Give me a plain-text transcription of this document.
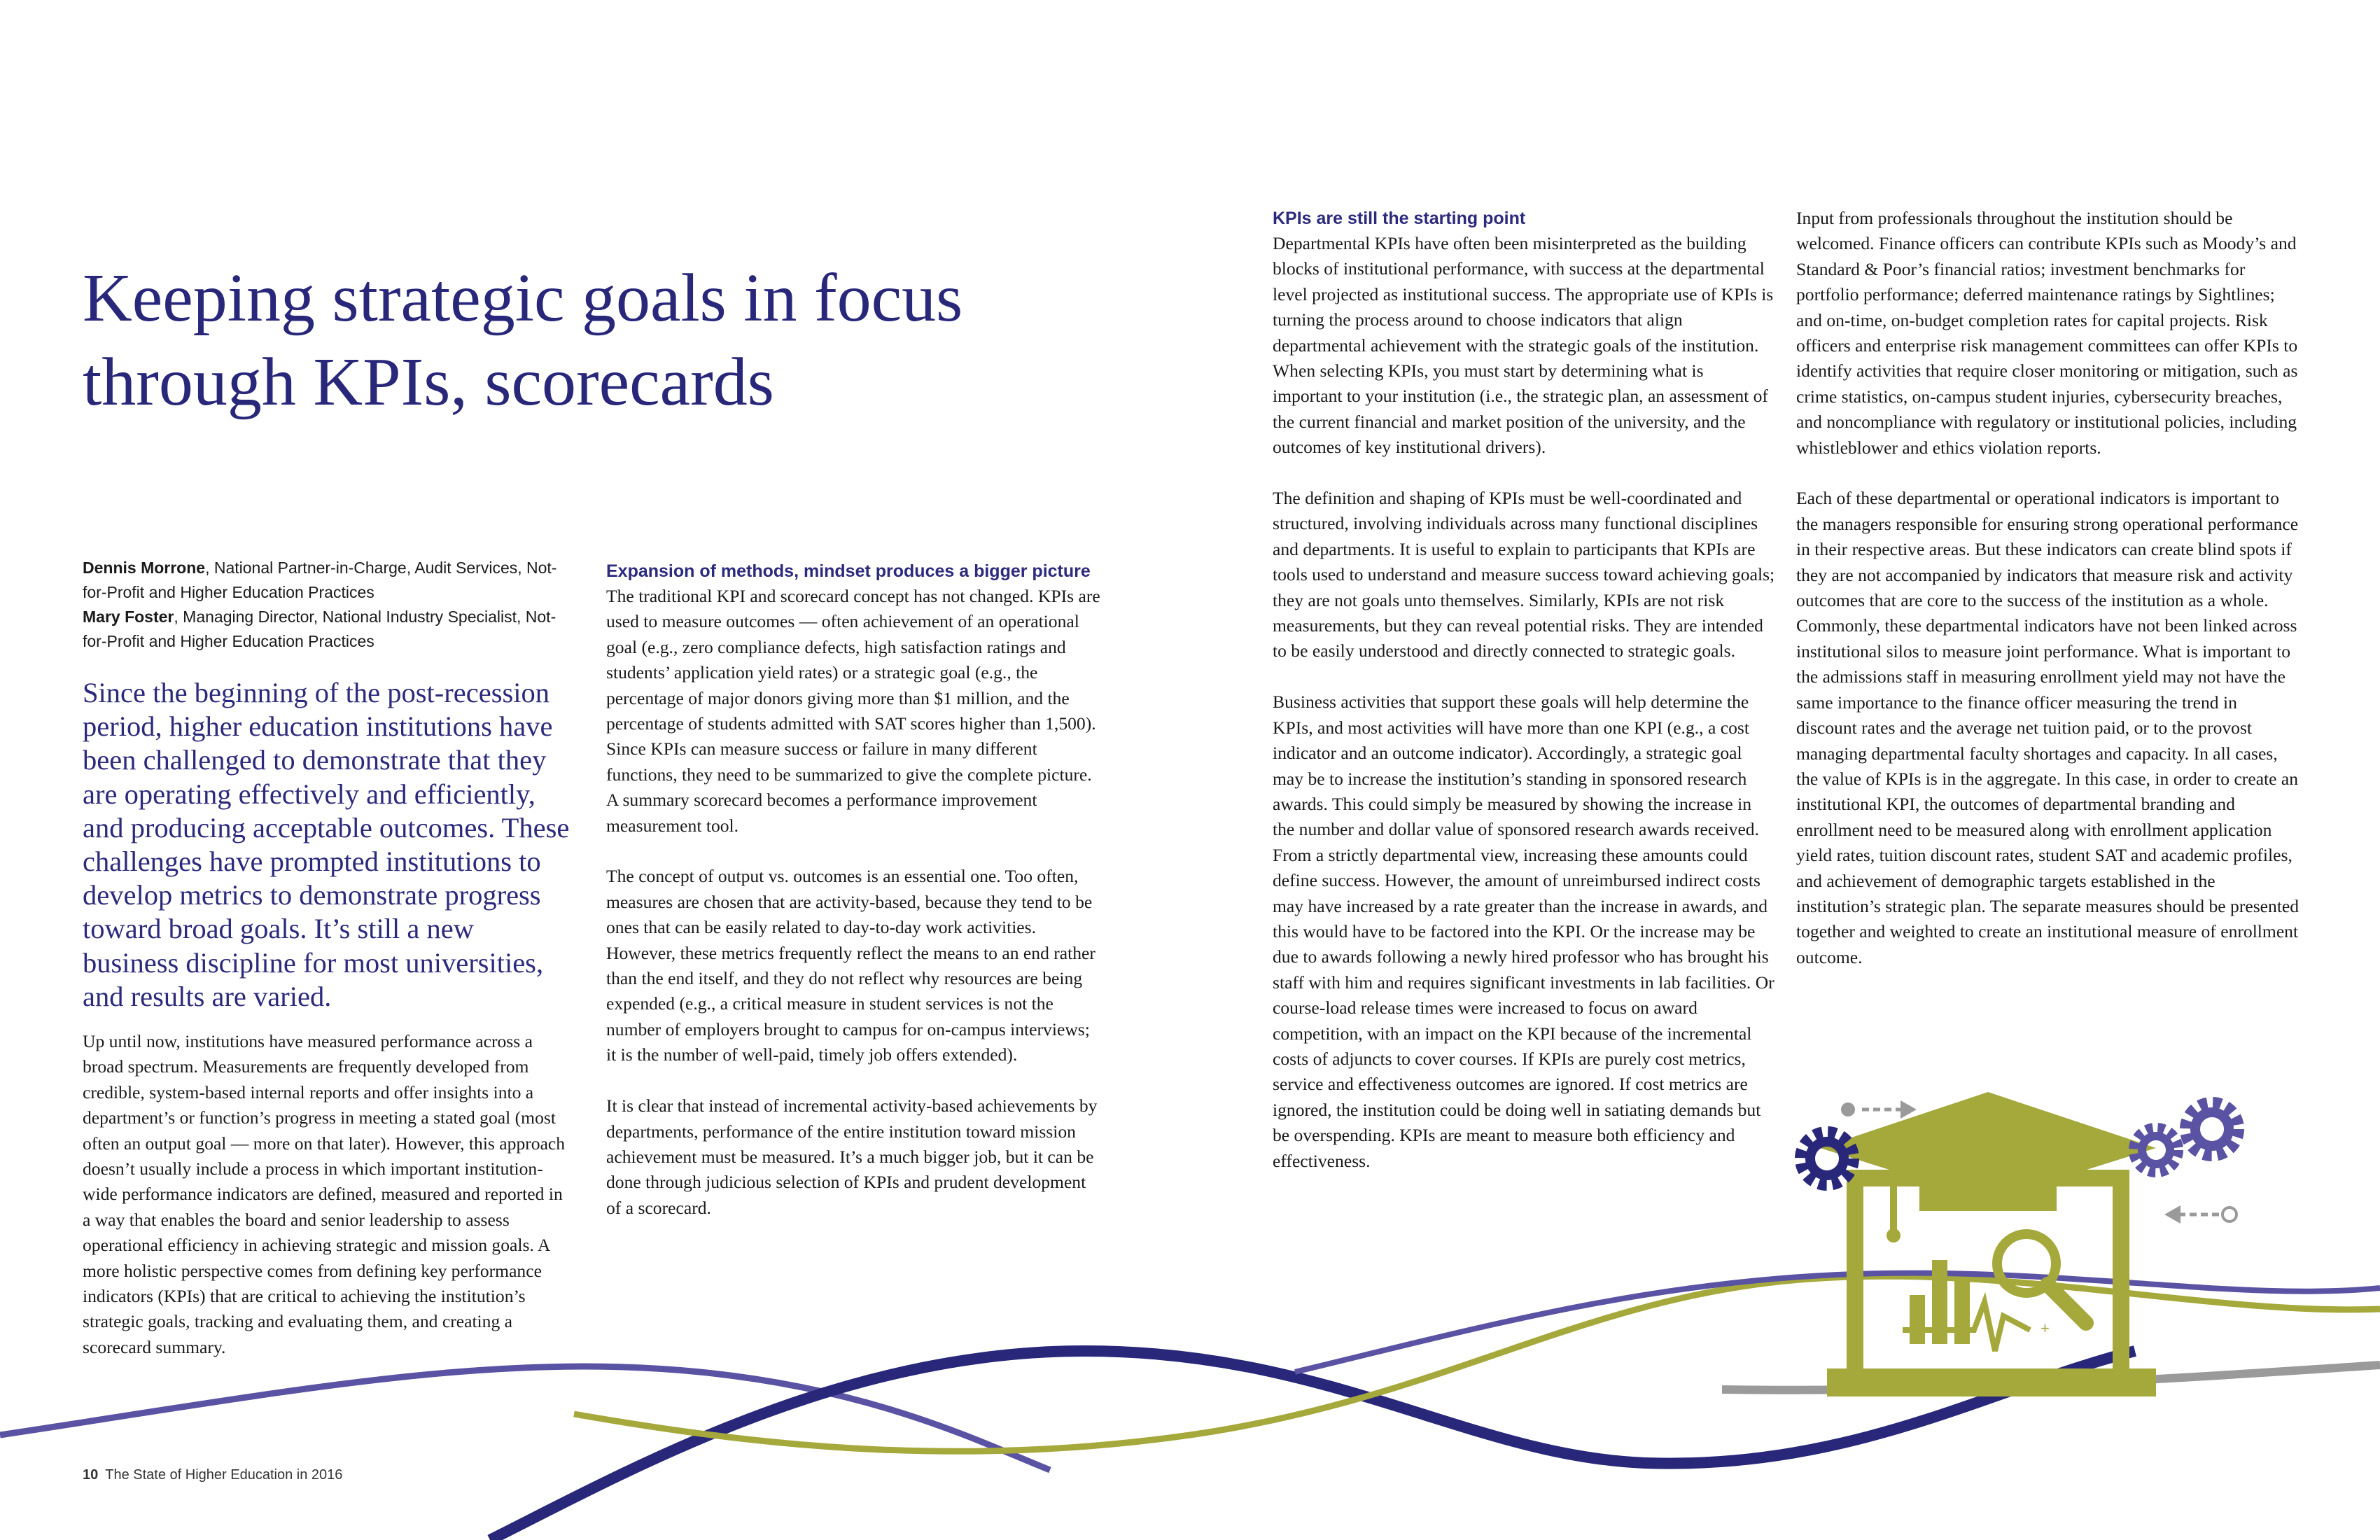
+
Keeping strategic goals in focus
through KPIs, scorecards
Dennis Morrone, National Partner-in-Charge, Audit Services, Not-for-Profit and Higher Education Practices
Mary Foster, Managing Director, National Industry Specialist, Not-for-Profit and Higher Education Practices
Since the beginning of the post-recession period, higher education institutions have been challenged to demonstrate that they are operating effectively and efficiently, and producing acceptable outcomes. These challenges have prompted institutions to develop metrics to demonstrate progress toward broad goals. It’s still a new business discipline for most universities, and results are varied.

Up until now, institutions have measured performance across a broad spectrum. Measurements are frequently developed from credible, system-based internal reports and offer insights into a department’s or function’s progress in meeting a stated goal (most often an output goal — more on that later). However, this approach doesn’t usually include a process in which important institution-wide performance indicators are defined, measured and reported in a way that enables the board and senior leadership to assess operational efficiency in achieving strategic and mission goals. A more holistic perspective comes from defining key performance indicators (KPIs) that are critical to achieving the institution’s strategic goals, tracking and evaluating them, and creating a scorecard summary.

Expansion of methods, mindset produces a bigger picture

The traditional KPI and scorecard concept has not changed. KPIs are used to measure outcomes — often achievement of an operational goal (e.g., zero compliance defects, high satisfaction ratings and students’ application yield rates) or a strategic goal (e.g., the percentage of major donors giving more than $1 million, and the percentage of students admitted with SAT scores higher than 1,500). Since KPIs can measure success or failure in many different functions, they need to be summarized to give the complete picture. A summary scorecard becomes a performance improvement measurement tool.

The concept of output vs. outcomes is an essential one. Too often, measures are chosen that are activity-based, because they tend to be ones that can be easily related to day-to-day work activities. However, these metrics frequently reflect the means to an end rather than the end itself, and they do not reflect why resources are being expended (e.g., a critical measure in student services is not the number of employers brought to campus for on-campus interviews; it is the number of well-paid, timely job offers extended).

It is clear that instead of incremental activity-based achievements by departments, performance of the entire institution toward mission achievement must be measured. It’s a much bigger job, but it can be done through judicious selection of KPIs and prudent development of a scorecard.

KPIs are still the starting point

Departmental KPIs have often been misinterpreted as the building blocks of institutional performance, with success at the departmental level projected as institutional success. The appropriate use of KPIs is turning the process around to choose indicators that align departmental achievement with the strategic goals of the institution. When selecting KPIs, you must start by determining what is important to your institution (i.e., the strategic plan, an assessment of the current financial and market position of the university, and the outcomes of key institutional drivers).

The definition and shaping of KPIs must be well-coordinated and structured, involving individuals across many functional disciplines and departments. It is useful to explain to participants that KPIs are tools used to understand and measure success toward achieving goals; they are not goals unto themselves. Similarly, KPIs are not risk measurements, but they can reveal potential risks. They are intended to be easily understood and directly connected to strategic goals.

Business activities that support these goals will help determine the KPIs, and most activities will have more than one KPI (e.g., a cost indicator and an outcome indicator). Accordingly, a strategic goal may be to increase the institution’s standing in sponsored research awards. This could simply be measured by showing the increase in the number and dollar value of sponsored research awards received. From a strictly departmental view, increasing these amounts could define success. However, the amount of unreimbursed indirect costs may have increased by a rate greater than the increase in awards, and this would have to be factored into the KPI. Or the increase may be due to awards following a newly hired professor who has brought his staff with him and requires significant investments in lab facilities. Or course-load release times were increased to focus on award competition, with an impact on the KPI because of the incremental costs of adjuncts to cover courses. If KPIs are purely cost metrics, service and effectiveness outcomes are ignored. If cost metrics are ignored, the institution could be doing well in satiating demands but be overspending. KPIs are meant to measure both efficiency and effectiveness.

Input from professionals throughout the institution should be welcomed. Finance officers can contribute KPIs such as Moody’s and Standard & Poor’s financial ratios; investment benchmarks for portfolio performance; deferred maintenance ratings by Sightlines; and on-time, on-budget completion rates for capital projects. Risk officers and enterprise risk management committees can offer KPIs to identify activities that require closer monitoring or mitigation, such as crime statistics, on-campus student injuries, cybersecurity breaches, and noncompliance with regulatory or institutional policies, including whistleblower and ethics violation reports.

Each of these departmental or operational indicators is important to the managers responsible for ensuring strong operational performance in their respective areas. But these indicators can create blind spots if they are not accompanied by indicators that measure risk and activity outcomes that are core to the success of the institution as a whole. Commonly, these departmental indicators have not been linked across institutional silos to measure joint performance. What is important to the admissions staff in measuring enrollment yield may not have the same importance to the finance officer measuring the trend in discount rates and the average net tuition paid, or to the provost managing departmental faculty shortages and capacity. In all cases, the value of KPIs is in the aggregate. In this case, in order to create an institutional KPI, the outcomes of departmental branding and enrollment need to be measured along with enrollment application yield rates, tuition discount rates, student SAT and academic profiles, and achievement of demographic targets established in the institution’s strategic plan. The separate measures should be presented together and weighted to create an institutional measure of enrollment outcome.

10 The State of Higher Education in 2016
